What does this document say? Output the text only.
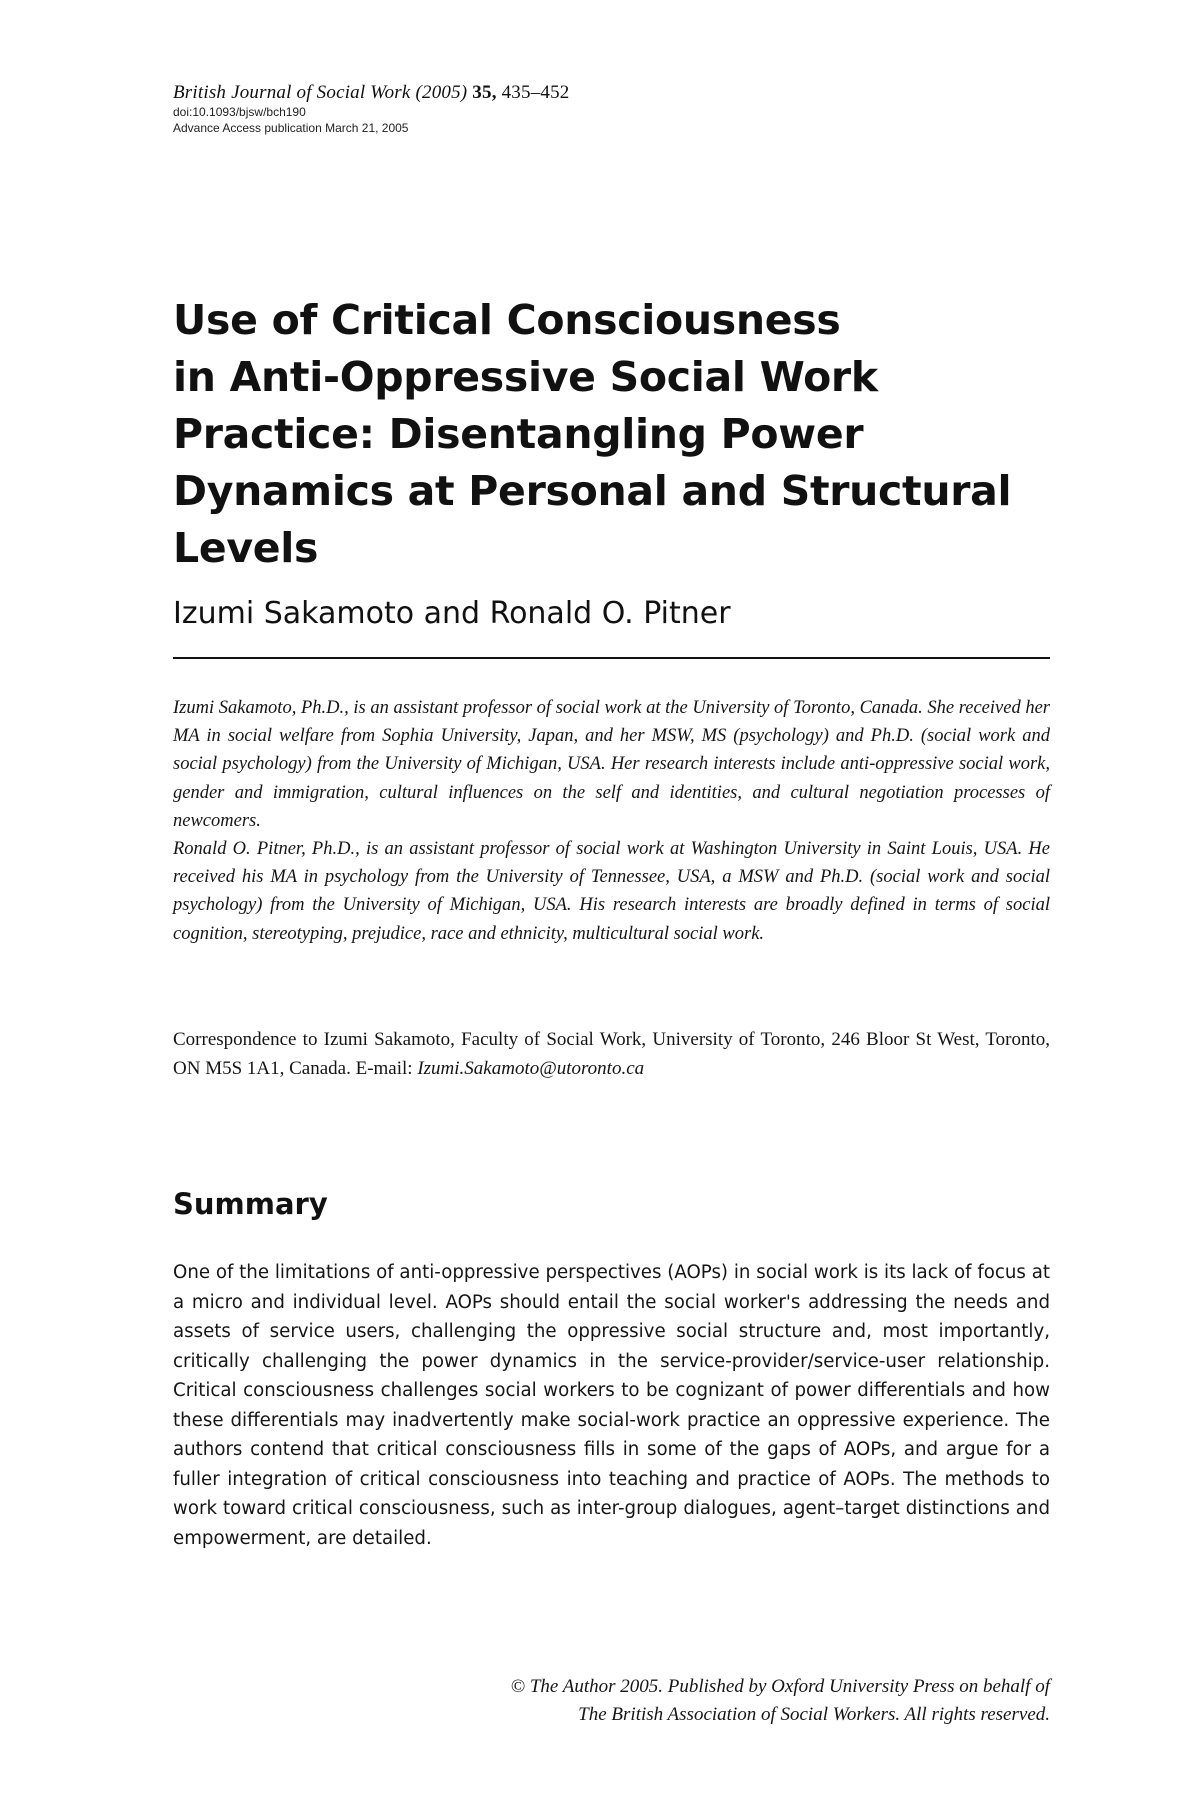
British Journal of Social Work (2005) 35, 435–452
doi:10.1093/bjsw/bch190
Advance Access publication March 21, 2005
Use of Critical Consciousness
in Anti-Oppressive Social Work
Practice: Disentangling Power
Dynamics at Personal and Structural
Levels
Izumi Sakamoto and Ronald O. Pitner

Izumi Sakamoto, Ph.D., is an assistant professor of social work at the University of Toronto, Canada. She received her MA in social welfare from Sophia University, Japan, and her MSW, MS (psychology) and Ph.D. (social work and social psychology) from the University of Michigan, USA. Her research interests include anti-oppressive social work, gender and immigration, cultural influences on the self and identities, and cultural negotiation processes of newcomers.

Ronald O. Pitner, Ph.D., is an assistant professor of social work at Washington University in Saint Louis, USA. He received his MA in psychology from the University of Tennessee, USA, a MSW and Ph.D. (social work and social psychology) from the University of Michigan, USA. His research interests are broadly defined in terms of social cognition, stereotyping, prejudice, race and ethnicity, multicultural social work.

Correspondence to Izumi Sakamoto, Faculty of Social Work, University of Toronto, 246 Bloor St West, Toronto, ON M5S 1A1, Canada. E-mail: Izumi.Sakamoto@utoronto.ca
Summary

One of the limitations of anti-oppressive perspectives (AOPs) in social work is its lack of focus at a micro and individual level. AOPs should entail the social worker's addressing the needs and assets of service users, challenging the oppressive social structure and, most importantly, critically challenging the power dynamics in the service-provider/service-user relationship. Critical consciousness challenges social workers to be cognizant of power differentials and how these differentials may inadvertently make social-work practice an oppressive experience. The authors contend that critical consciousness fills in some of the gaps of AOPs, and argue for a fuller integration of critical consciousness into teaching and practice of AOPs. The methods to work toward critical consciousness, such as inter-group dialogues, agent–target distinctions and empowerment, are detailed.

© The Author 2005. Published by Oxford University Press on behalf of
The British Association of Social Workers. All rights reserved.
